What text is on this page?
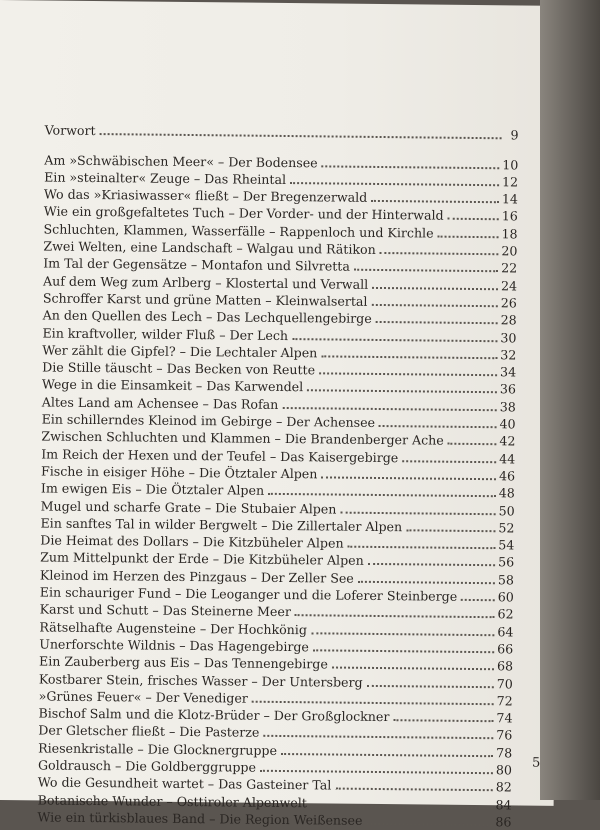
Vorwort	9
Am »Schwäbischen Meer« – Der Bodensee	10
Ein »steinalter« Zeuge – Das Rheintal	12
Wo das »Kriasiwasser« fließt – Der Bregenzerwald	14
Wie ein großgefaltetes Tuch – Der Vorder- und der Hinterwald	16
Schluchten, Klammen, Wasserfälle – Rappenloch und Kirchle	18
Zwei Welten, eine Landschaft – Walgau und Rätikon	20
Im Tal der Gegensätze – Montafon und Silvretta	22
Auf dem Weg zum Arlberg – Klostertal und Verwall	24
Schroffer Karst und grüne Matten – Kleinwalsertal	26
An den Quellen des Lech – Das Lechquellengebirge	28
Ein kraftvoller, wilder Fluß – Der Lech	30
Wer zählt die Gipfel? – Die Lechtaler Alpen	32
Die Stille täuscht – Das Becken von Reutte	34
Wege in die Einsamkeit – Das Karwendel	36
Altes Land am Achensee – Das Rofan	38
Ein schillerndes Kleinod im Gebirge – Der Achensee	40
Zwischen Schluchten und Klammen – Die Brandenberger Ache	42
Im Reich der Hexen und der Teufel – Das Kaisergebirge	44
Fische in eisiger Höhe – Die Ötztaler Alpen	46
Im ewigen Eis – Die Ötztaler Alpen	48
Mugel und scharfe Grate – Die Stubaier Alpen	50
Ein sanftes Tal in wilder Bergwelt – Die Zillertaler Alpen	52
Die Heimat des Dollars – Die Kitzbüheler Alpen	54
Zum Mittelpunkt der Erde – Die Kitzbüheler Alpen	56
Kleinod im Herzen des Pinzgaus – Der Zeller See	58
Ein schauriger Fund – Die Leoganger und die Loferer Steinberge	60
Karst und Schutt – Das Steinerne Meer	62
Rätselhafte Augensteine – Der Hochkönig	64
Unerforschte Wildnis – Das Hagengebirge	66
Ein Zauberberg aus Eis – Das Tennengebirge	68
Kostbarer Stein, frisches Wasser – Der Untersberg	70
»Grünes Feuer« – Der Venediger	72
Bischof Salm und die Klotz-Brüder – Der Großglockner	74
Der Gletscher fließt – Die Pasterze	76
Riesenkristalle – Die Glocknergruppe	78
Goldrausch – Die Goldberggruppe	80
Wo die Gesundheit wartet – Das Gasteiner Tal	82
Botanische Wunder – Osttiroler Alpenwelt	84
Wie ein türkisblaues Band – Die Region Weißensee	86
5
